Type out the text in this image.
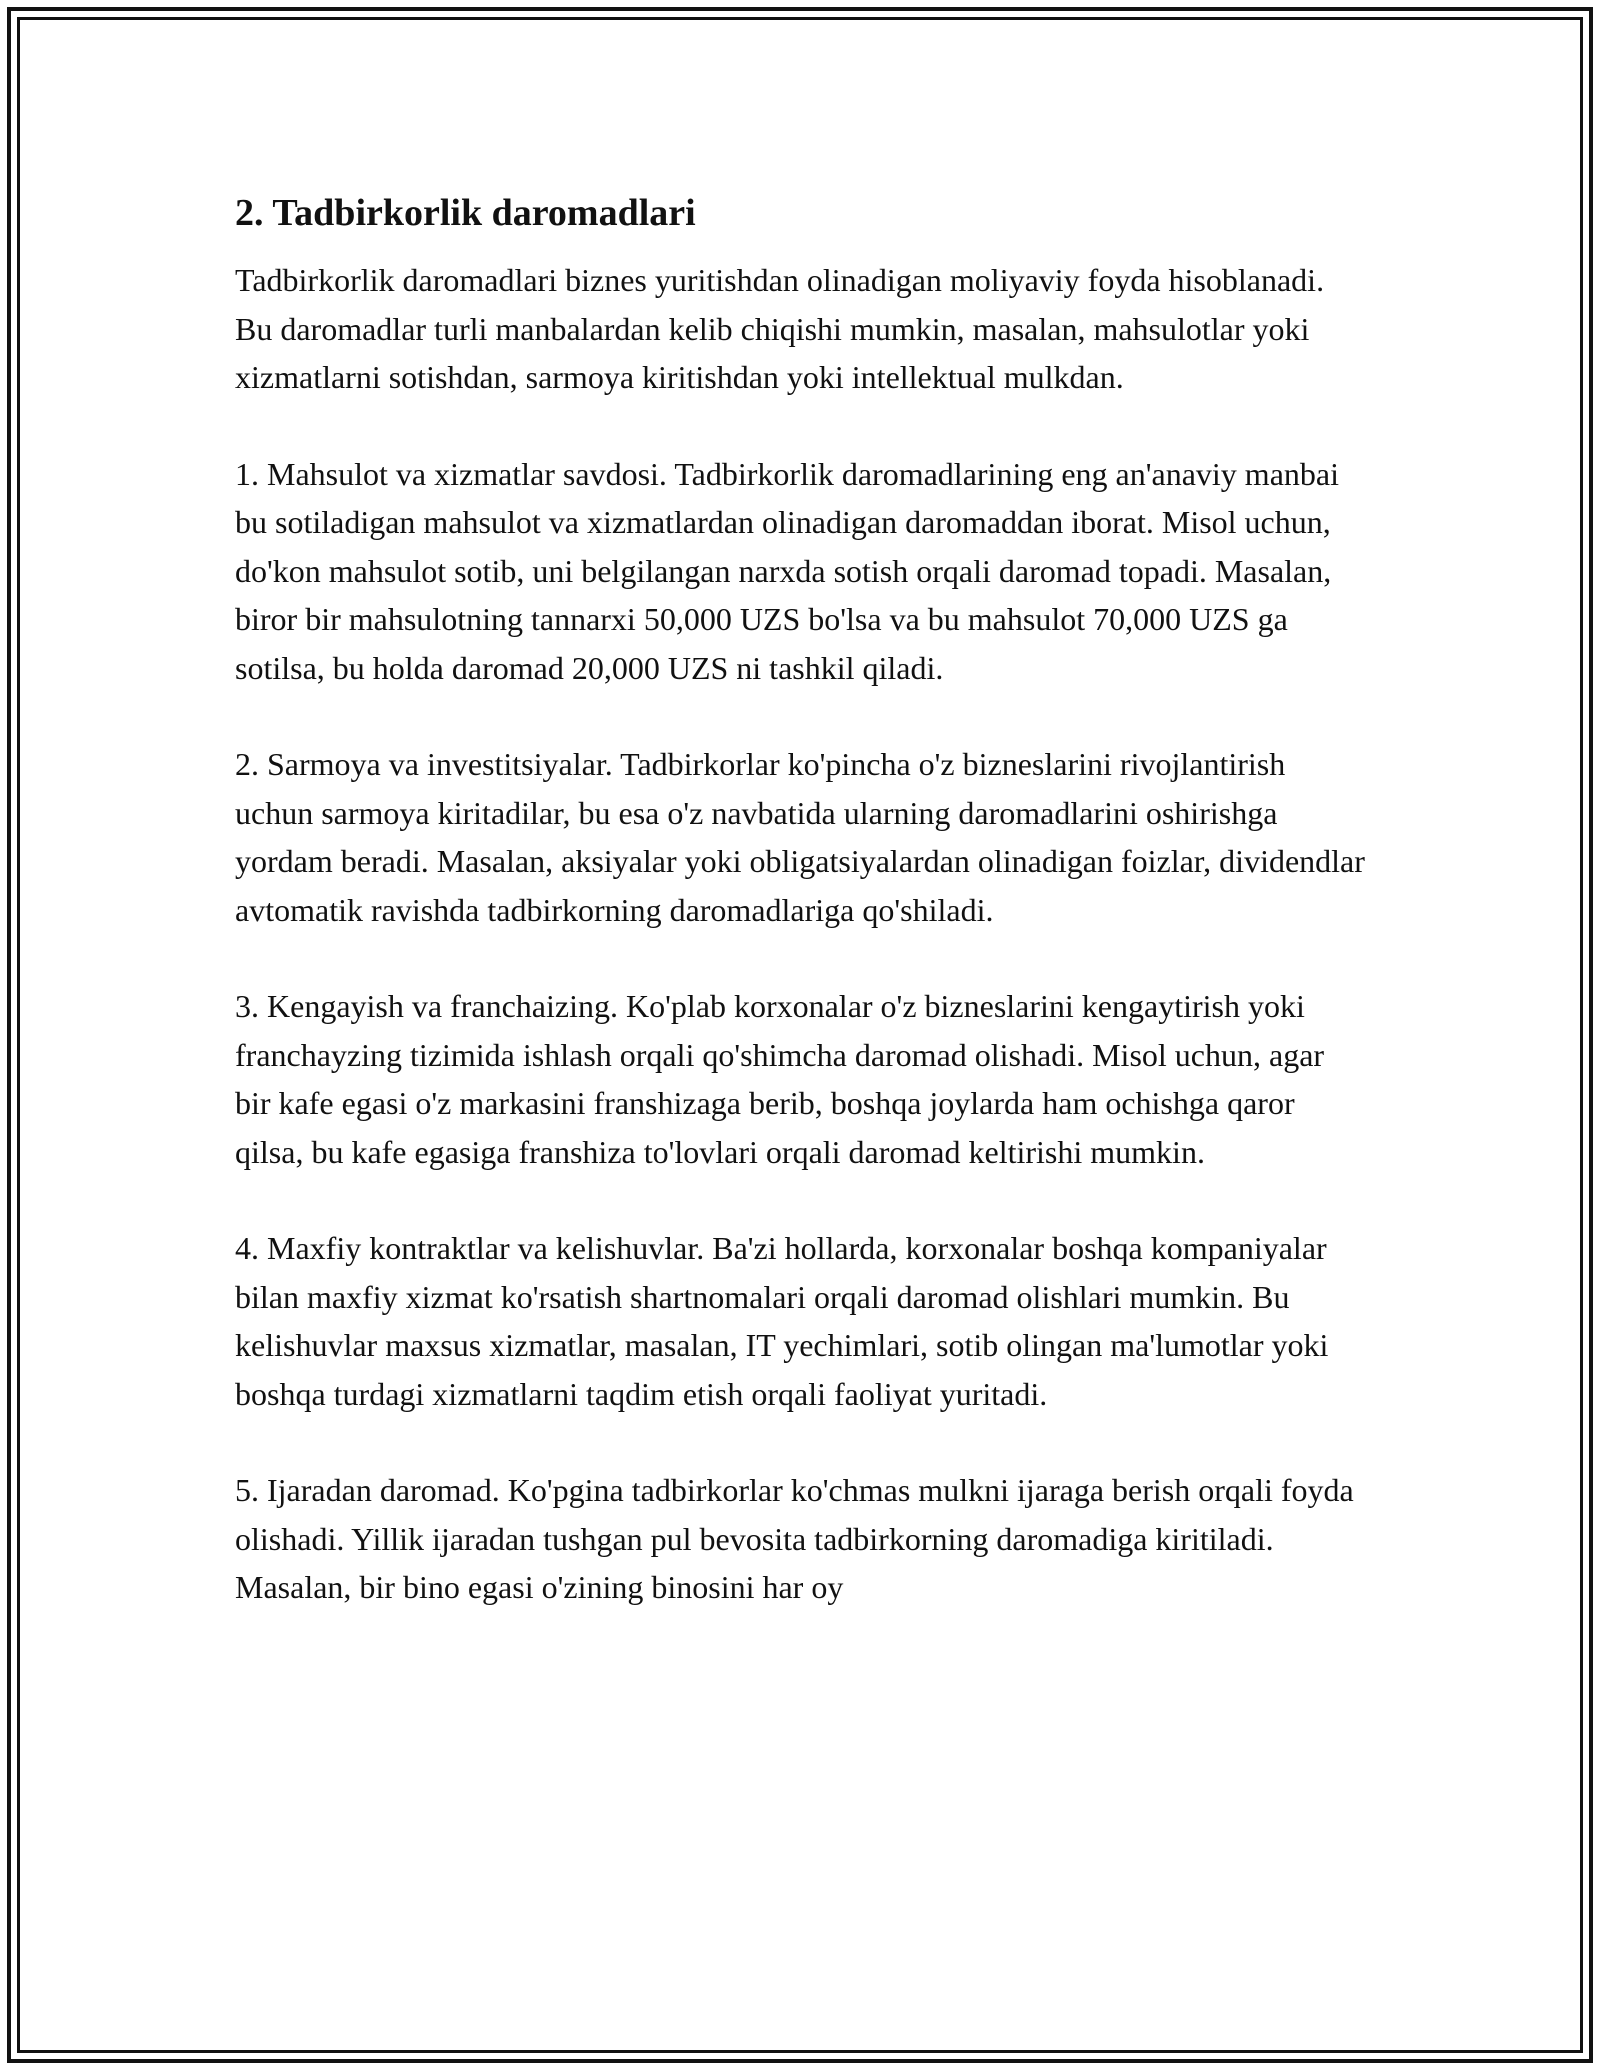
2. Tadbirkorlik daromadlari

Tadbirkorlik daromadlari biznes yuritishdan olinadigan moliyaviy foyda hisoblanadi. Bu daromadlar turli manbalardan kelib chiqishi mumkin, masalan, mahsulotlar yoki xizmatlarni sotishdan, sarmoya kiritishdan yoki intellektual mulkdan.

1. Mahsulot va xizmatlar savdosi. Tadbirkorlik daromadlarining eng an'anaviy manbai bu sotiladigan mahsulot va xizmatlardan olinadigan daromaddan iborat. Misol uchun, do'kon mahsulot sotib, uni belgilangan narxda sotish orqali daromad topadi. Masalan, biror bir mahsulotning tannarxi 50,000 UZS bo'lsa va bu mahsulot 70,000 UZS ga sotilsa, bu holda daromad 20,000 UZS ni tashkil qiladi.

2. Sarmoya va investitsiyalar. Tadbirkorlar ko'pincha o'z bizneslarini rivojlantirish uchun sarmoya kiritadilar, bu esa o'z navbatida ularning daromadlarini oshirishga yordam beradi. Masalan, aksiyalar yoki obligatsiyalardan olinadigan foizlar, dividendlar avtomatik ravishda tadbirkorning daromadlariga qo'shiladi.

3. Kengayish va franchaizing. Ko'plab korxonalar o'z bizneslarini kengaytirish yoki franchayzing tizimida ishlash orqali qo'shimcha daromad olishadi. Misol uchun, agar bir kafe egasi o'z markasini franshizaga berib, boshqa joylarda ham ochishga qaror qilsa, bu kafe egasiga franshiza to'lovlari orqali daromad keltirishi mumkin.

4. Maxfiy kontraktlar va kelishuvlar. Ba'zi hollarda, korxonalar boshqa kompaniyalar bilan maxfiy xizmat ko'rsatish shartnomalari orqali daromad olishlari mumkin. Bu kelishuvlar maxsus xizmatlar, masalan, IT yechimlari, sotib olingan ma'lumotlar yoki boshqa turdagi xizmatlarni taqdim etish orqali faoliyat yuritadi.

5. Ijaradan daromad. Ko'pgina tadbirkorlar ko'chmas mulkni ijaraga berish orqali foyda olishadi. Yillik ijaradan tushgan pul bevosita tadbirkorning daromadiga kiritiladi. Masalan, bir bino egasi o'zining binosini har oy
